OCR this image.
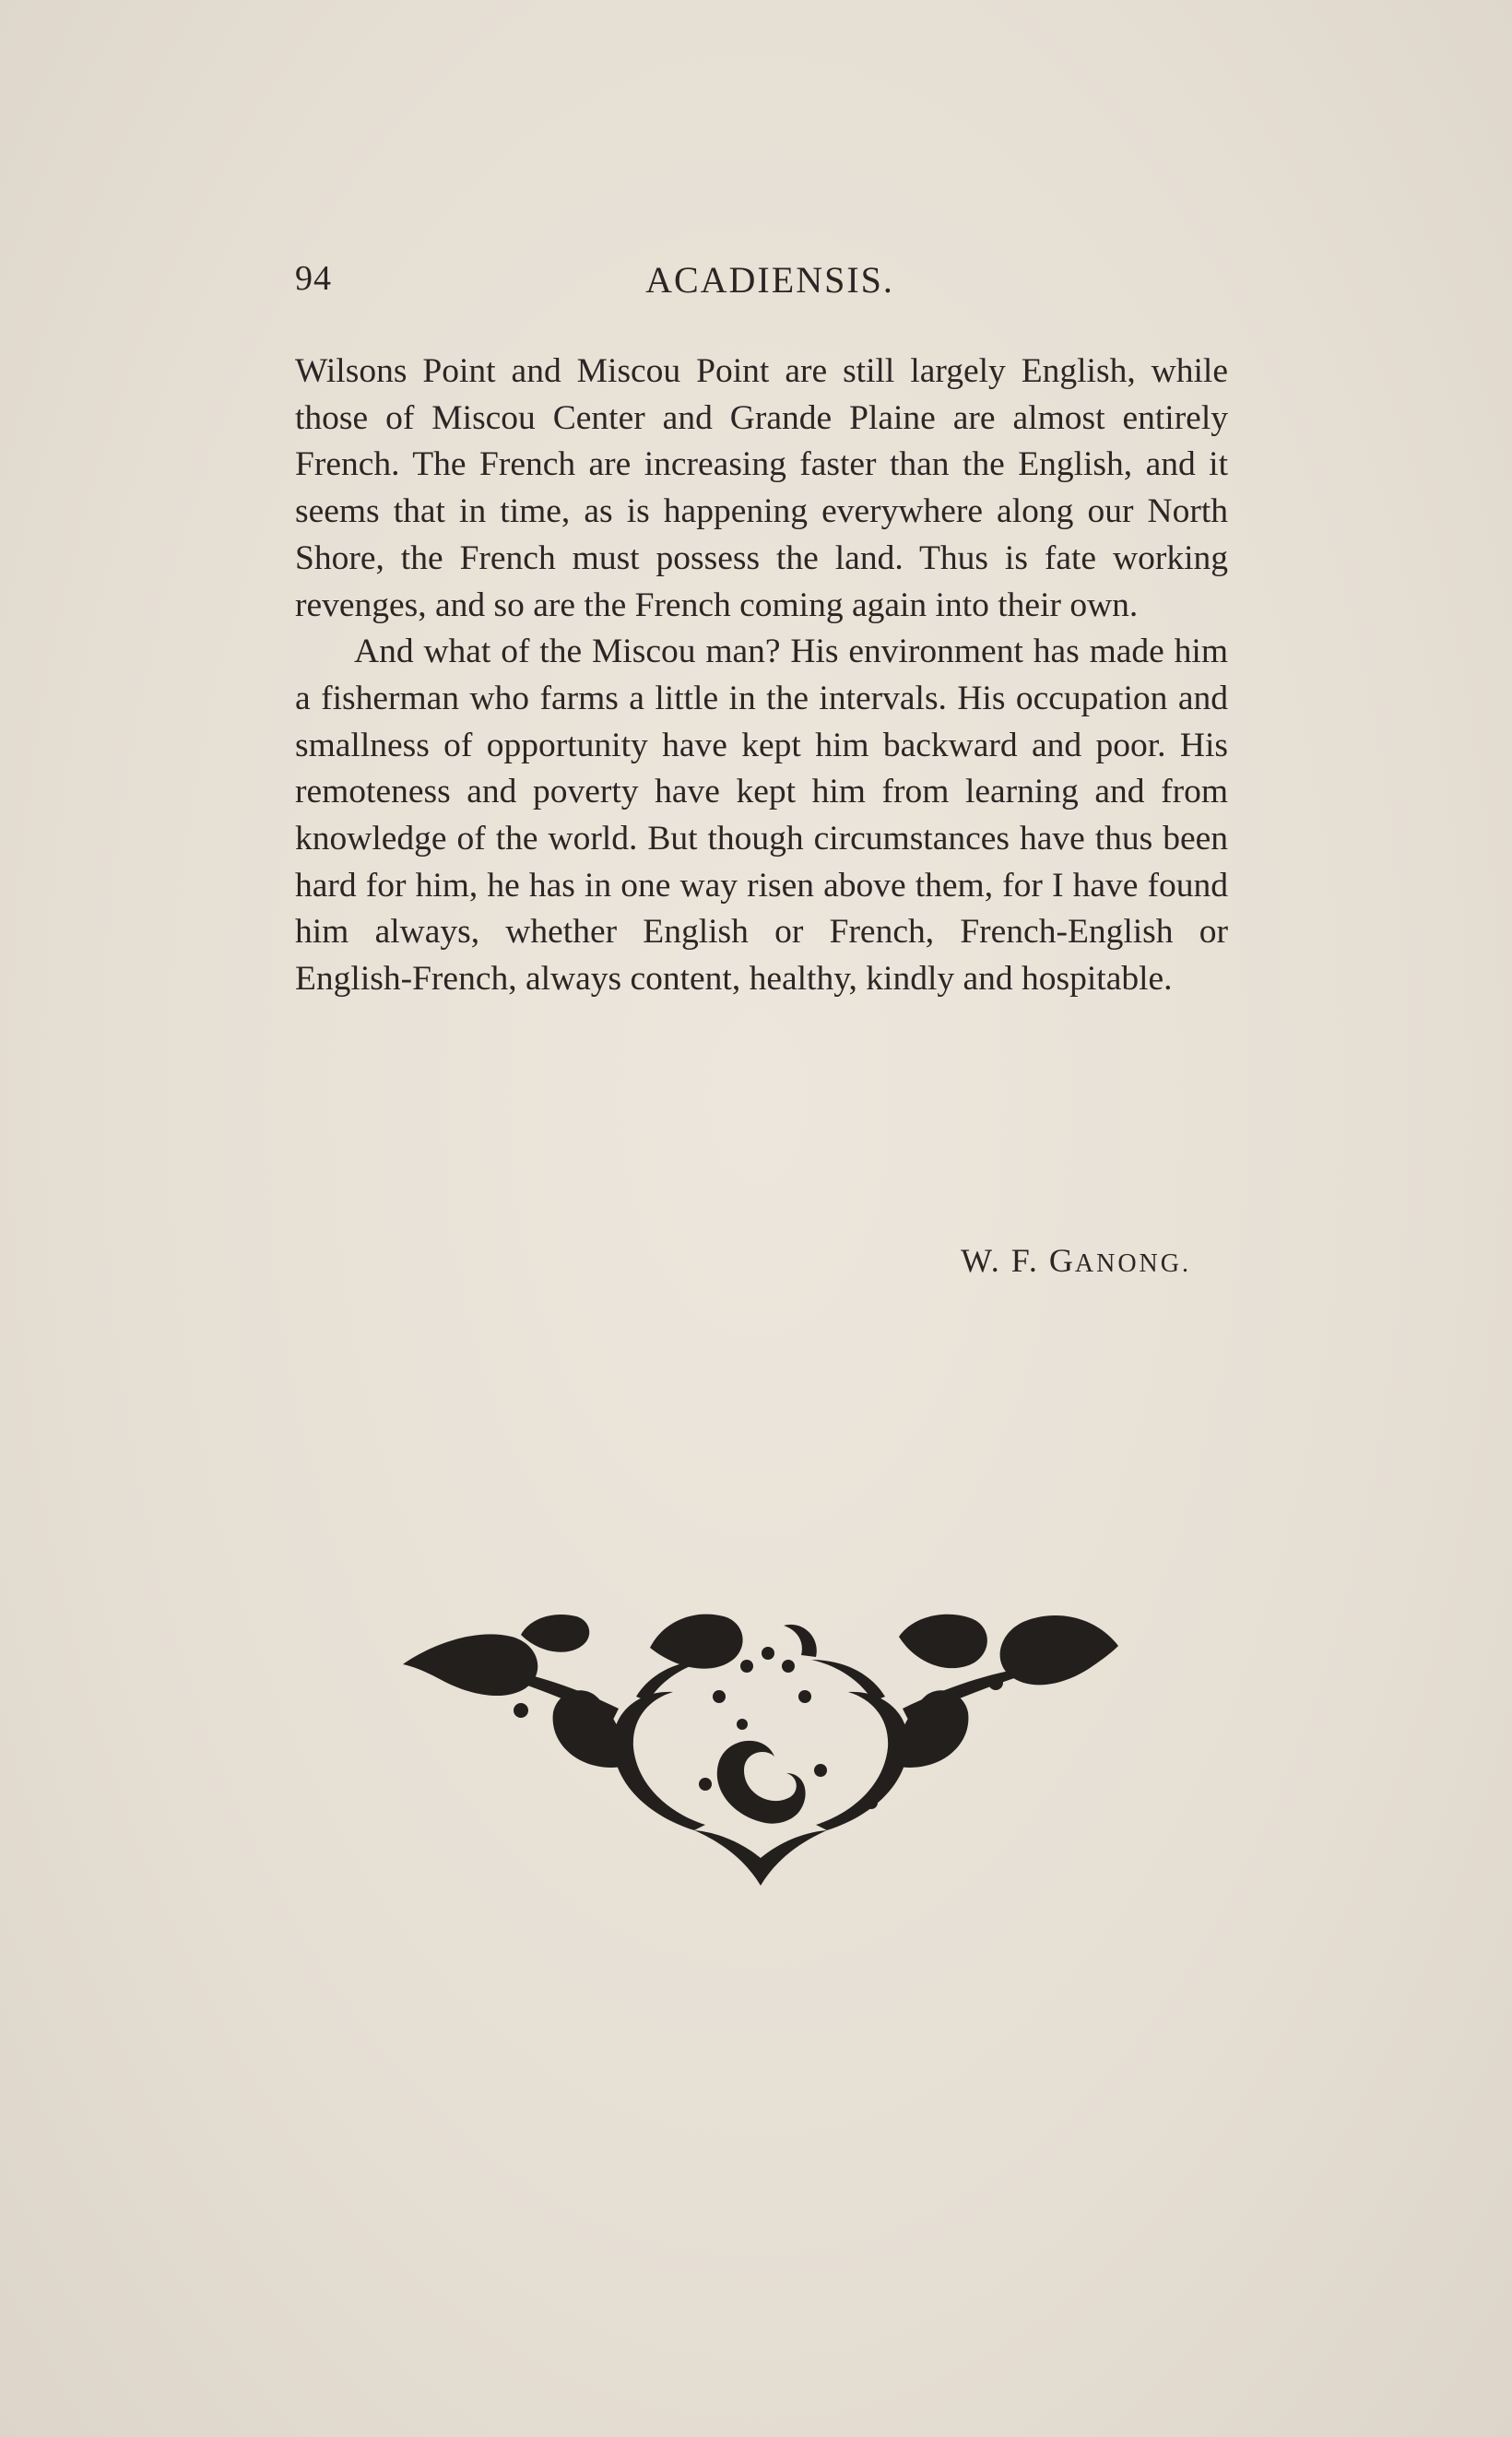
94	ACADIENSIS.

Wilsons Point and Miscou Point are still largely English, while those of Miscou Center and Grande Plaine are almost entirely French. The French are increasing faster than the English, and it seems that in time, as is happening everywhere along our North Shore, the French must possess the land. Thus is fate working revenges, and so are the French coming again into their own.

And what of the Miscou man? His environment has made him a fisherman who farms a little in the intervals. His occupation and smallness of opportunity have kept him backward and poor. His remoteness and poverty have kept him from learning and from knowledge of the world. But though circumstances have thus been hard for him, he has in one way risen above them, for I have found him always, whether English or French, French-English or English-French, always content, healthy, kindly and hospitable.

W. F. GANONG.
